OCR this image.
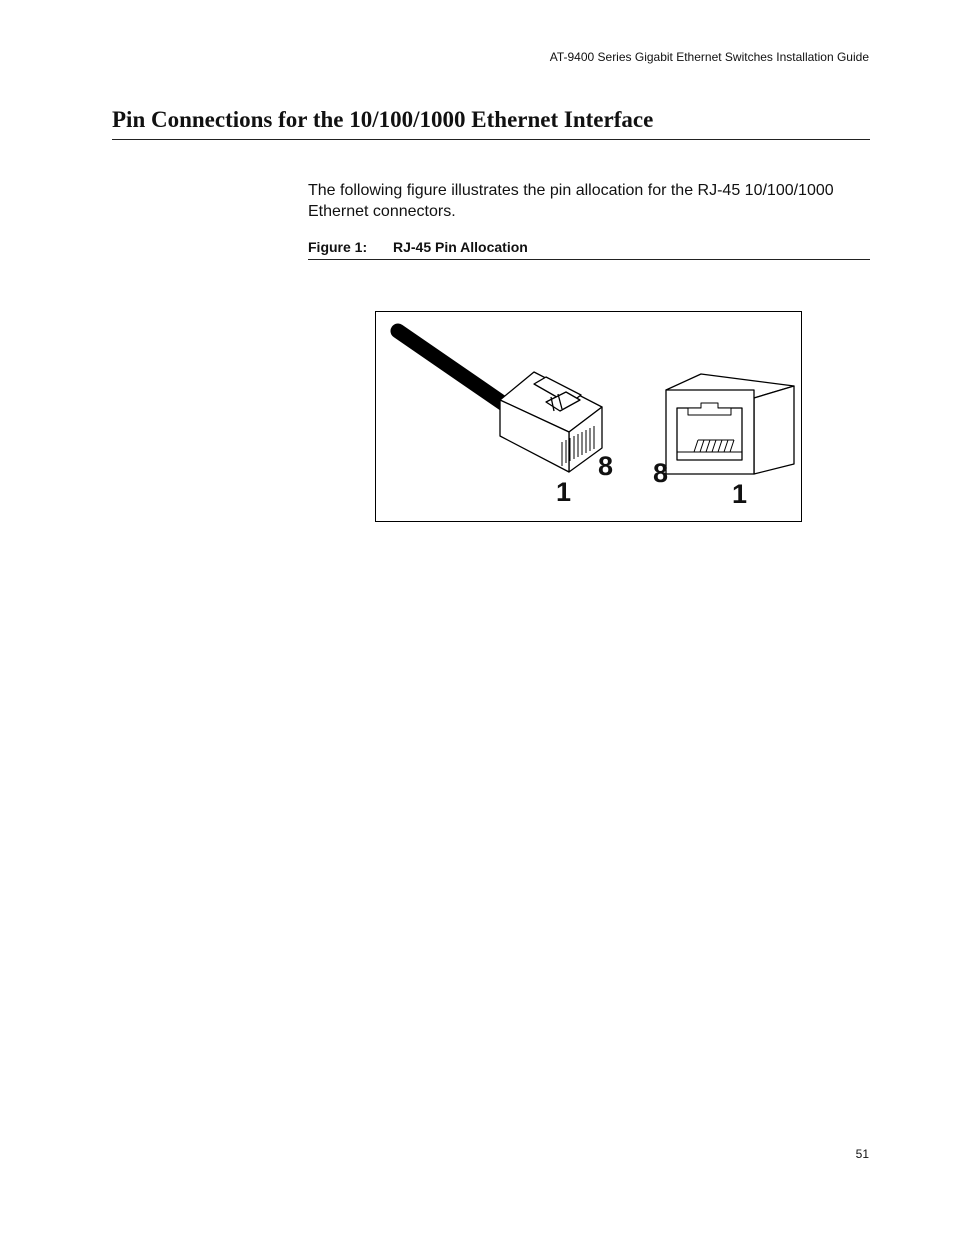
AT-9400 Series Gigabit Ethernet Switches Installation Guide
Pin Connections for the 10/100/1000 Ethernet Interface

The following figure illustrates the pin allocation for the RJ-45 10/100/1000 Ethernet connectors.

Figure 1: RJ-45 Pin Allocation
1
8 8
1
51
